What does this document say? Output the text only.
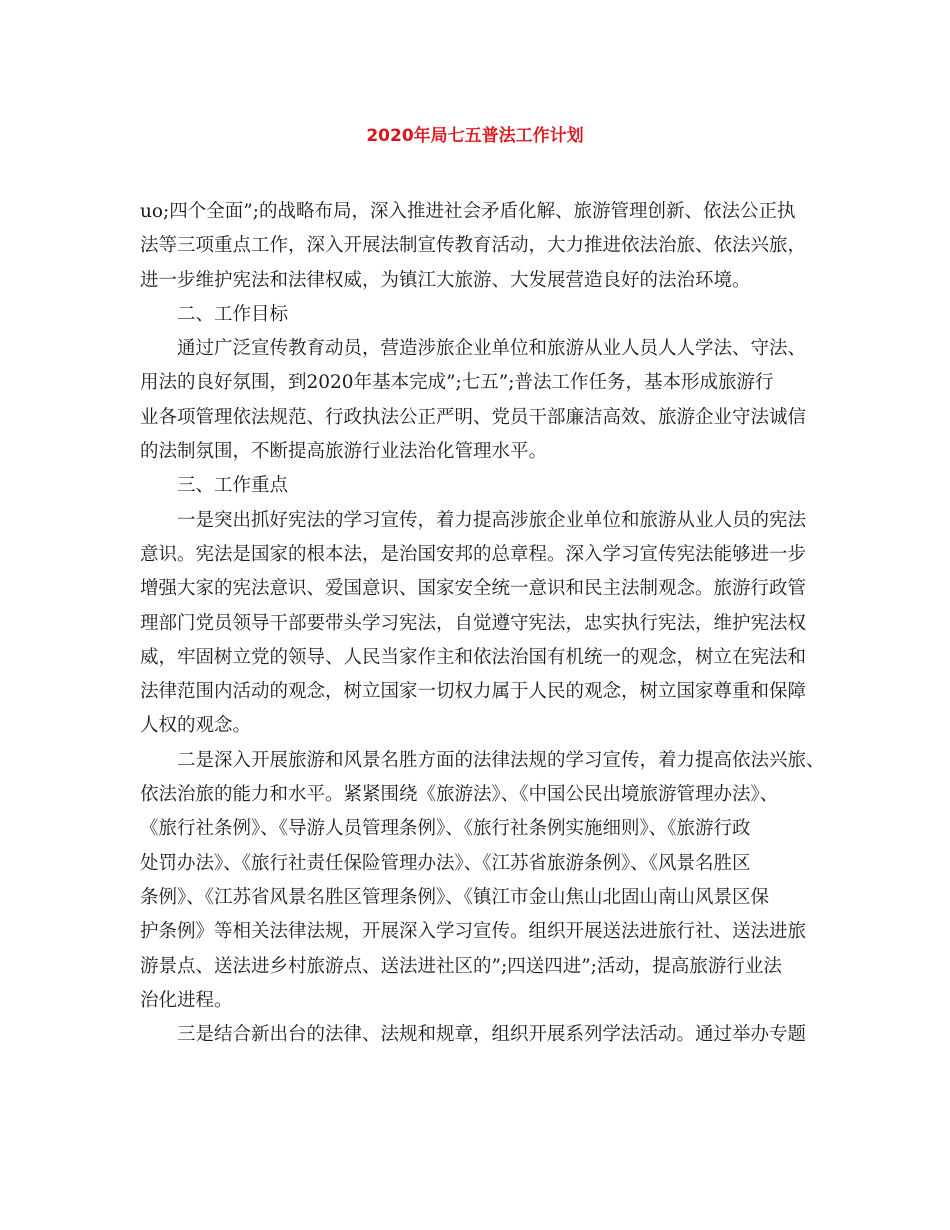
2020年局七五普法工作计划
uo;四个全面”;的战略布局，深入推进社会矛盾化解、旅游管理创新、依法公正执
法等三项重点工作，深入开展法制宣传教育活动，大力推进依法治旅、依法兴旅，
进一步维护宪法和法律权威，为镇江大旅游、大发展营造良好的法治环境。
二、工作目标
通过广泛宣传教育动员，营造涉旅企业单位和旅游从业人员人人学法、守法、
用法的良好氛围，到2020年基本完成”;七五”;普法工作任务，基本形成旅游行
业各项管理依法规范、行政执法公正严明、党员干部廉洁高效、旅游企业守法诚信
的法制氛围，不断提高旅游行业法治化管理水平。
三、工作重点
一是突出抓好宪法的学习宣传，着力提高涉旅企业单位和旅游从业人员的宪法
意识。宪法是国家的根本法，是治国安邦的总章程。深入学习宣传宪法能够进一步
增强大家的宪法意识、爱国意识、国家安全统一意识和民主法制观念。旅游行政管
理部门党员领导干部要带头学习宪法，自觉遵守宪法，忠实执行宪法，维护宪法权
威，牢固树立党的领导、人民当家作主和依法治国有机统一的观念，树立在宪法和
法律范围内活动的观念，树立国家一切权力属于人民的观念，树立国家尊重和保障
人权的观念。
二是深入开展旅游和风景名胜方面的法律法规的学习宣传，着力提高依法兴旅、
依法治旅的能力和水平。紧紧围绕《旅游法》、《中国公民出境旅游管理办法》、
《旅行社条例》、《导游人员管理条例》、《旅行社条例实施细则》、《旅游行政
处罚办法》、《旅行社责任保险管理办法》、《江苏省旅游条例》、《风景名胜区
条例》、《江苏省风景名胜区管理条例》、《镇江市金山焦山北固山南山风景区保
护条例》等相关法律法规，开展深入学习宣传。组织开展送法进旅行社、送法进旅
游景点、送法进乡村旅游点、送法进社区的”;四送四进”;活动，提高旅游行业法
治化进程。
三是结合新出台的法律、法规和规章，组织开展系列学法活动。通过举办专题
